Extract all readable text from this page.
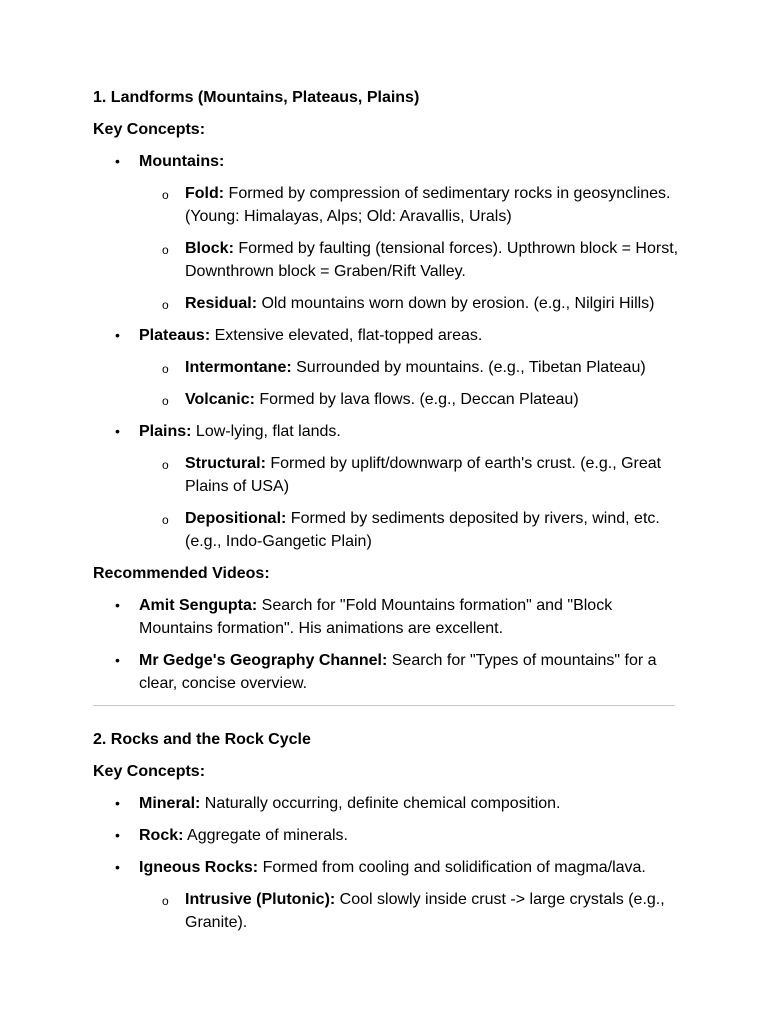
1. Landforms (Mountains, Plateaus, Plains)
Key Concepts:
• Mountains:
o Fold: Formed by compression of sedimentary rocks in geosynclines. (Young: Himalayas, Alps; Old: Aravallis, Urals)
o Block: Formed by faulting (tensional forces). Upthrown block = Horst, Downthrown block = Graben/Rift Valley.
o Residual: Old mountains worn down by erosion. (e.g., Nilgiri Hills)
• Plateaus: Extensive elevated, flat-topped areas.
o Intermontane: Surrounded by mountains. (e.g., Tibetan Plateau)
o Volcanic: Formed by lava flows. (e.g., Deccan Plateau)
• Plains: Low-lying, flat lands.
o Structural: Formed by uplift/downwarp of earth's crust. (e.g., Great Plains of USA)
o Depositional: Formed by sediments deposited by rivers, wind, etc. (e.g., Indo-Gangetic Plain)
Recommended Videos:
• Amit Sengupta: Search for "Fold Mountains formation" and "Block Mountains formation". His animations are excellent.
• Mr Gedge's Geography Channel: Search for "Types of mountains" for a clear, concise overview.
2. Rocks and the Rock Cycle
Key Concepts:
• Mineral: Naturally occurring, definite chemical composition.
• Rock: Aggregate of minerals.
• Igneous Rocks: Formed from cooling and solidification of magma/lava.
o Intrusive (Plutonic): Cool slowly inside crust -> large crystals (e.g., Granite).
